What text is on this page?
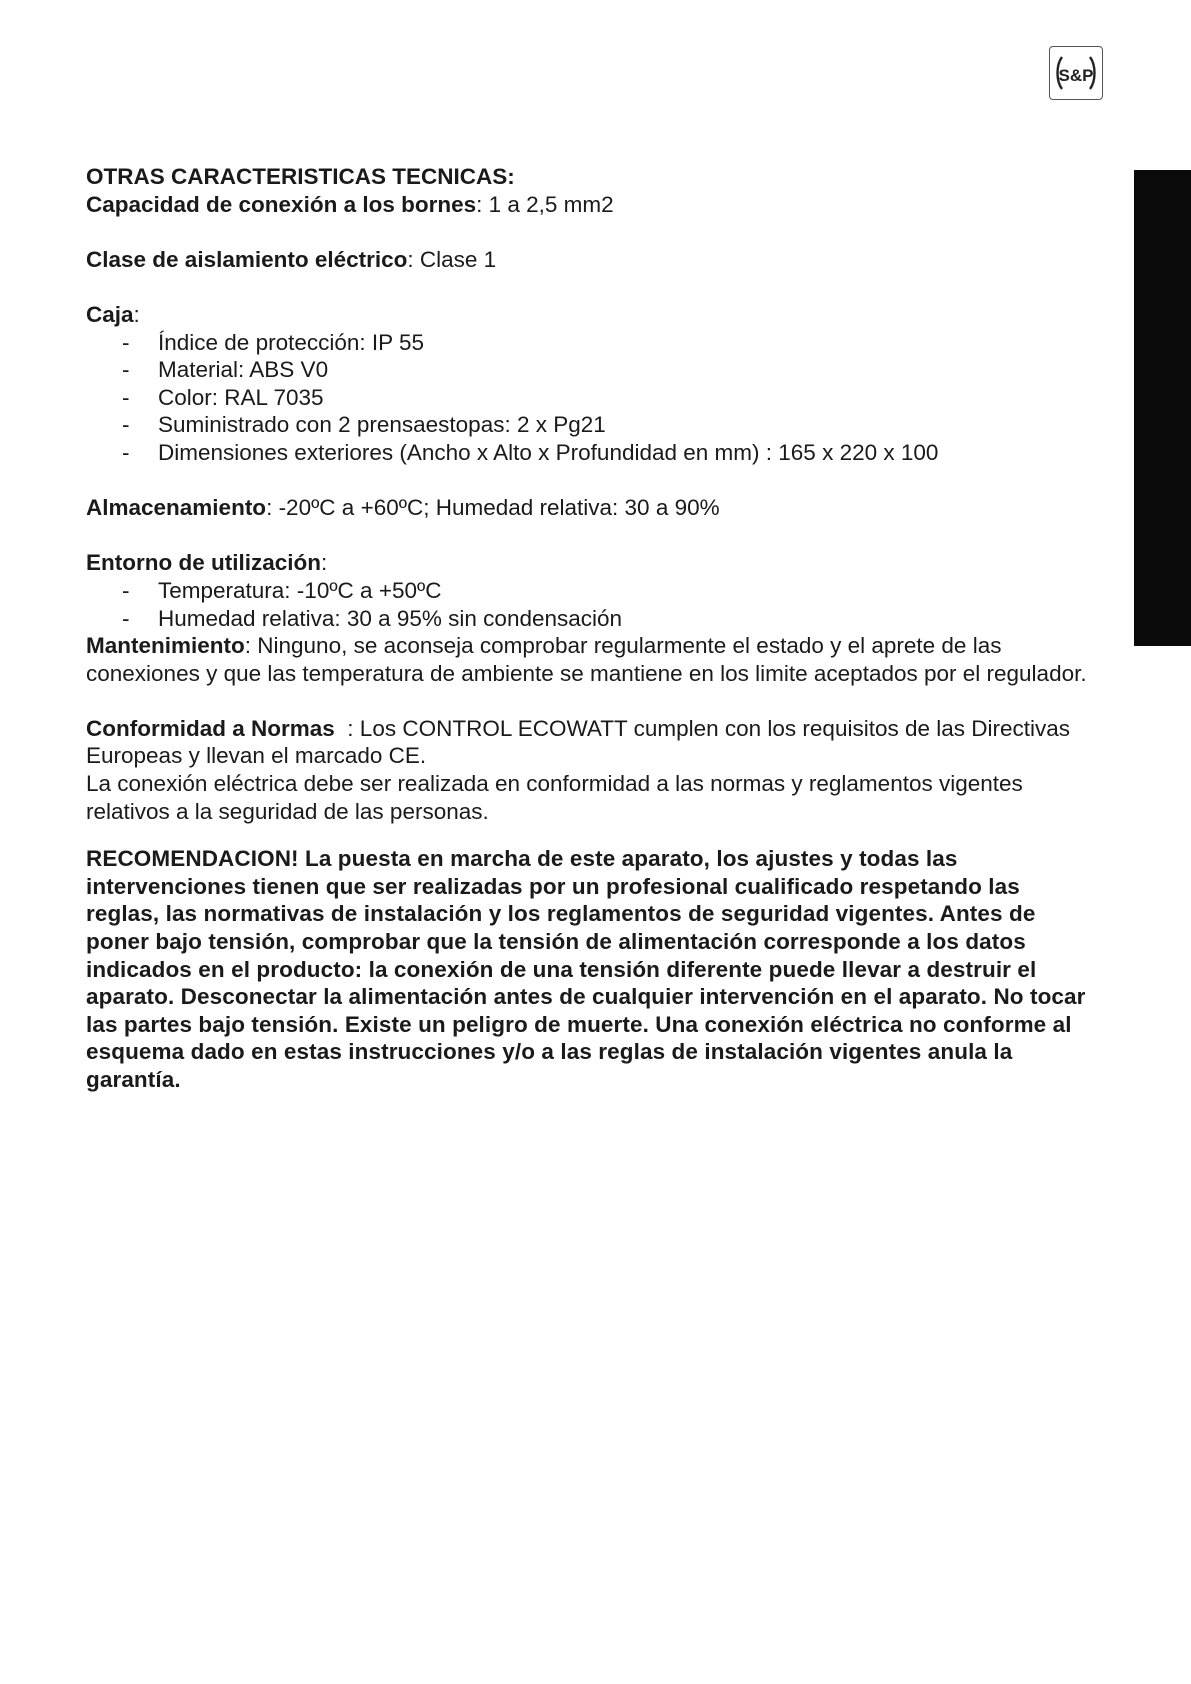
S&P

OTRAS CARACTERISTICAS TECNICAS:

Capacidad de conexión a los bornes: 1 a 2,5 mm2

Clase de aislamiento eléctrico: Clase 1

Caja:

- Índice de protección: IP 55
- Material: ABS V0
- Color: RAL 7035
- Suministrado con 2 prensaestopas: 2 x Pg21
- Dimensiones exteriores (Ancho x Alto x Profundidad en mm) : 165 x 220 x 100

Almacenamiento: -20ºC a +60ºC; Humedad relativa: 30 a 90%

Entorno de utilización:

- Temperatura: -10ºC a +50ºC
- Humedad relativa: 30 a 95% sin condensación

Mantenimiento: Ninguno, se aconseja comprobar regularmente el estado y el aprete de las conexiones y que las temperatura de ambiente se mantiene en los limite aceptados por el regulador.

Conformidad a Normas  : Los CONTROL ECOWATT cumplen con los requisitos de las Directivas Europeas y llevan el marcado CE.

La conexión eléctrica debe ser realizada en conformidad a las normas y reglamentos vigentes relativos a la seguridad de las personas.

RECOMENDACION! La puesta en marcha de este aparato, los ajustes y todas las intervenciones tienen que ser realizadas por un profesional cualificado respetando las reglas, las normativas de instalación y los reglamentos de seguridad vigentes. Antes de poner bajo tensión, comprobar que la tensión de alimentación corresponde a los datos indicados en el producto: la conexión de una tensión diferente puede llevar a destruir el aparato. Desconectar la alimentación antes de cualquier intervención en el aparato. No tocar las partes bajo tensión. Existe un peligro de muerte. Una conexión eléctrica no conforme al esquema dado en estas instrucciones y/o a las reglas de instalación vigentes anula la garantía.
